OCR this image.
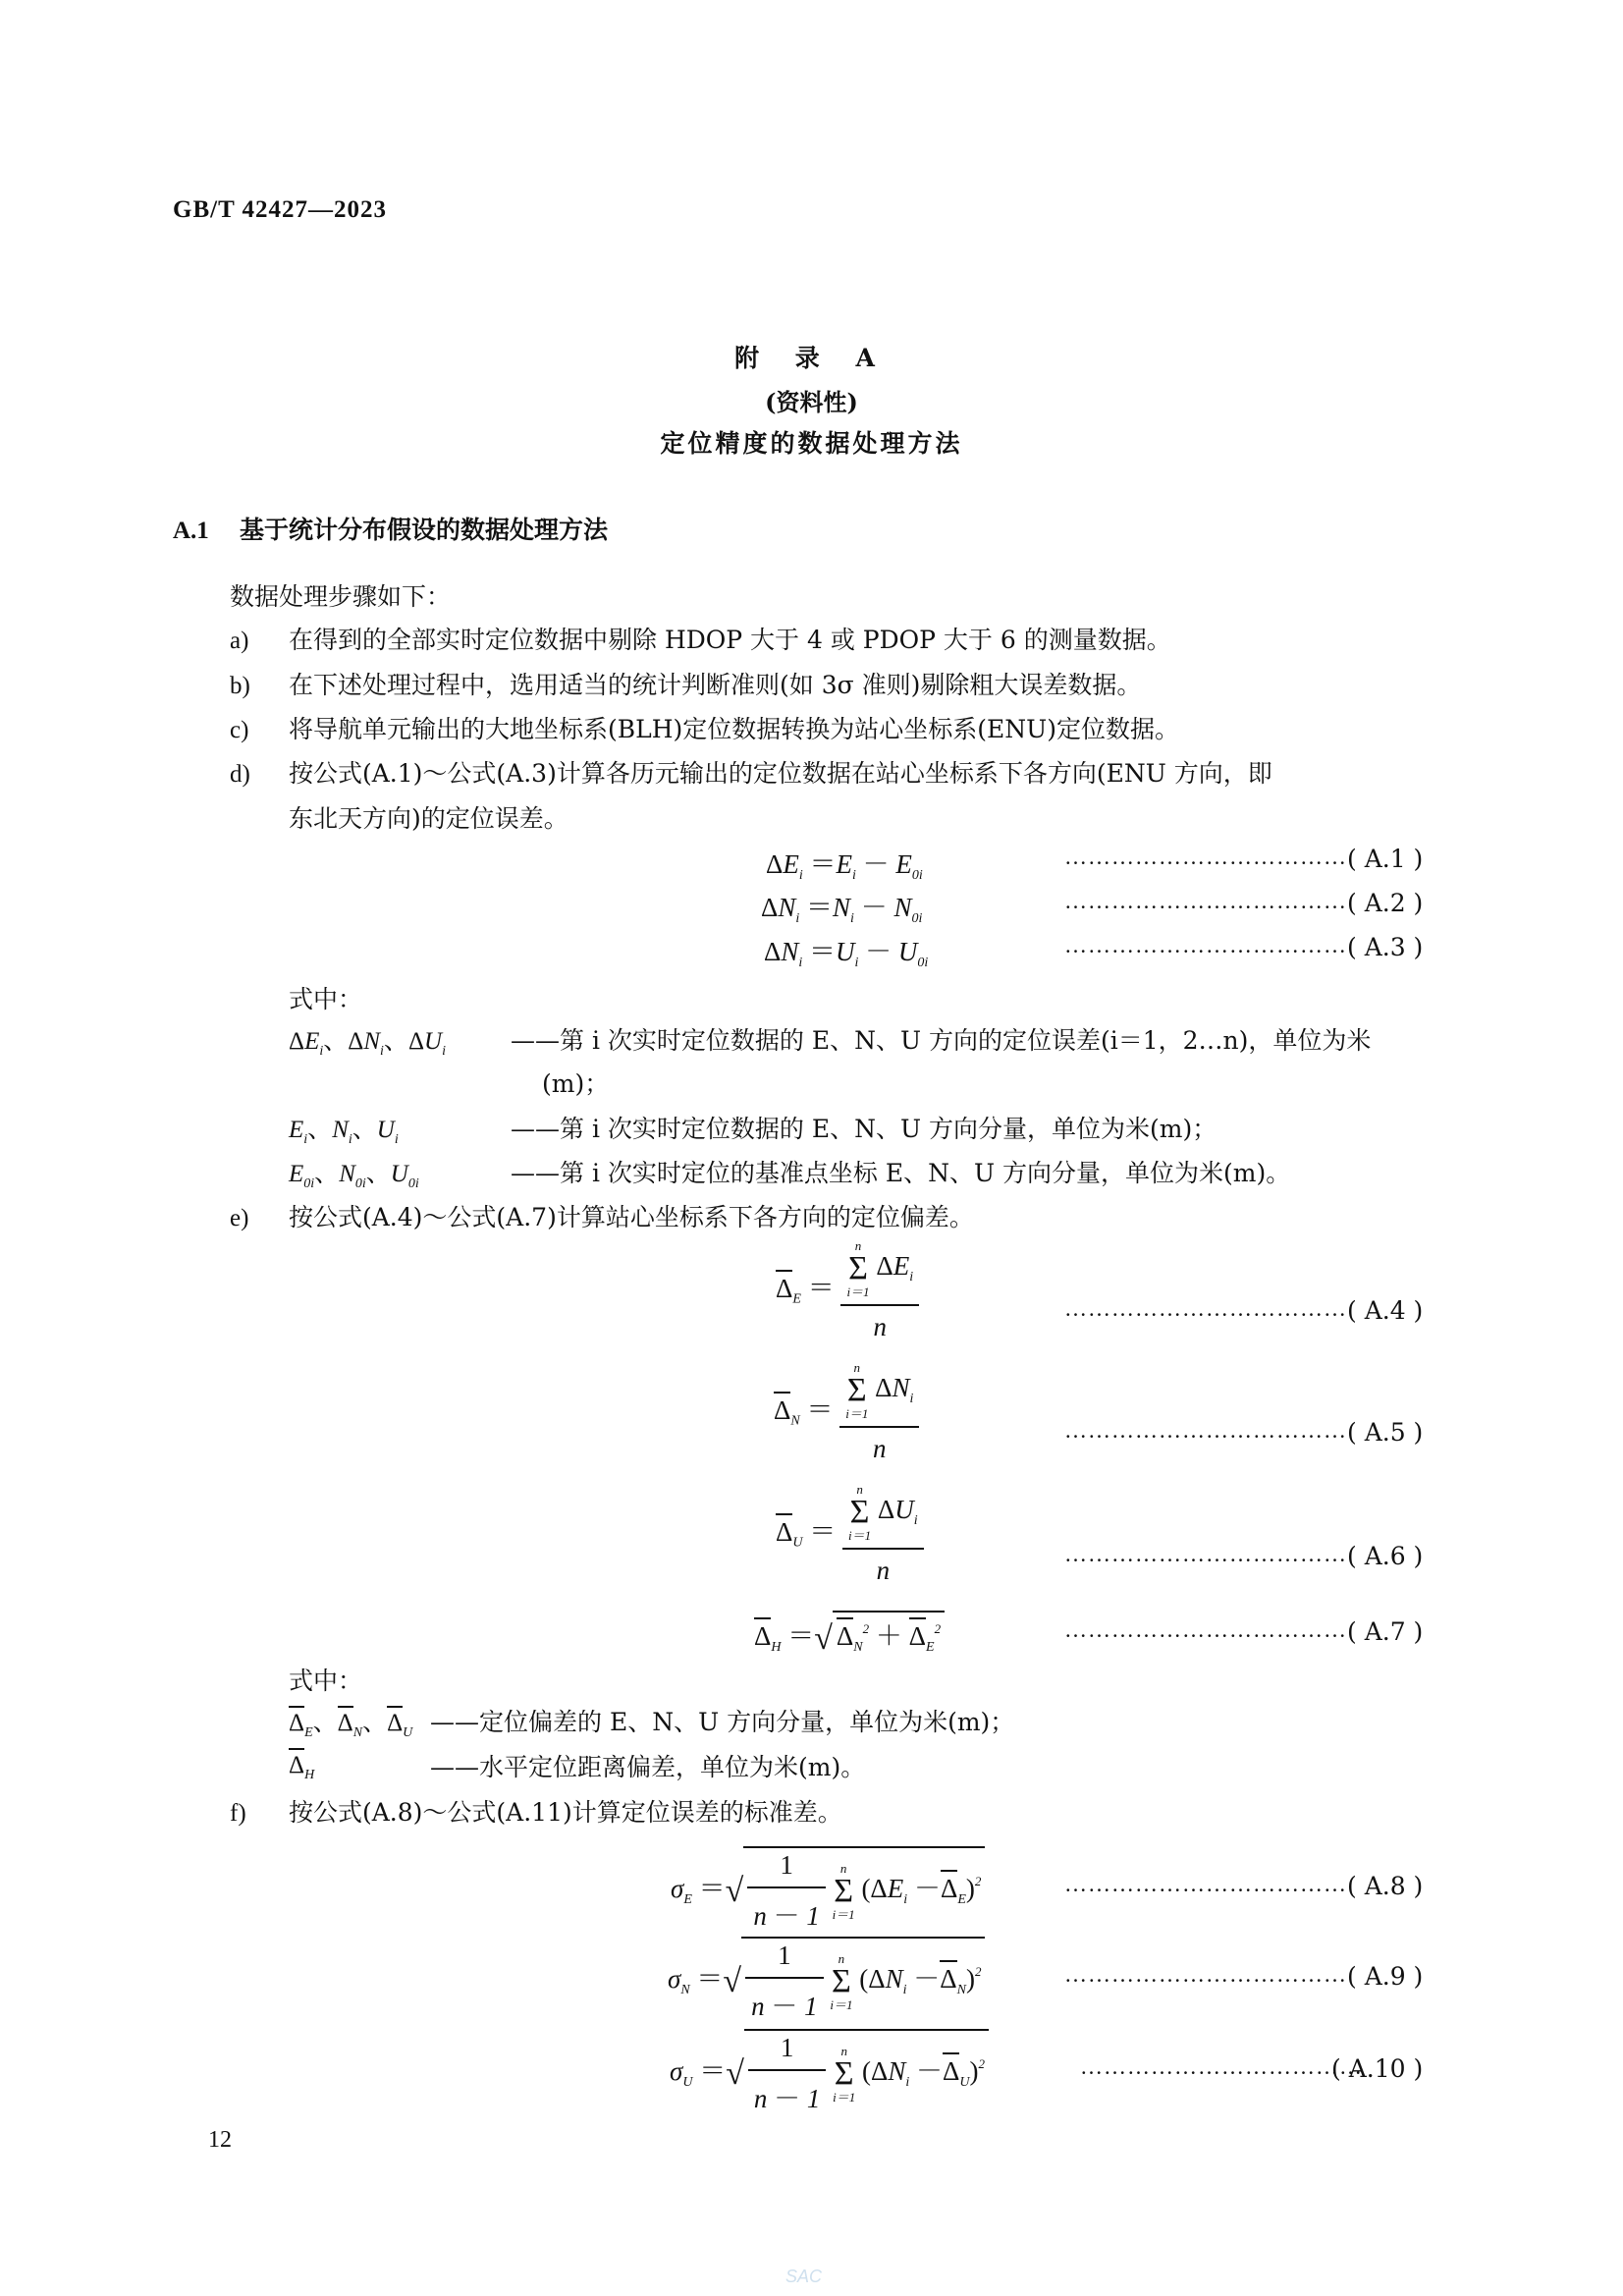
GB/T 42427—2023
附 录 A
(资料性)
定位精度的数据处理方法
A.1 基于统计分布假设的数据处理方法
数据处理步骤如下：
a) 在得到的全部实时定位数据中剔除 HDOP 大于 4 或 PDOP 大于 6 的测量数据。
b) 在下述处理过程中，选用适当的统计判断准则(如 3σ 准则)剔除粗大误差数据。
c) 将导航单元输出的大地坐标系(BLH)定位数据转换为站心坐标系(ENU)定位数据。
d) 按公式(A.1)～公式(A.3)计算各历元输出的定位数据在站心坐标系下各方向(ENU 方向，即
东北天方向)的定位误差。
$\Delta E_i =E_i - E_{0i}$
……………………………… ( A.1 )
$\Delta N_i =N_i - N_{0i}$
……………………………… ( A.2 )
$\Delta N_i =U_i - U_{0i}$
……………………………… ( A.3 )
式中：
$\Delta E_i$、$\Delta N_i$、$\Delta U_i$	——第 i 次实时定位数据的 E、N、U 方向的定位误差(i＝1，2…n)，单位为米
(m)；
$E_i$、$N_i$、$U_i$	——第 i 次实时定位数据的 E、N、U 方向分量，单位为米(m)；
$E_{0i}$、$N_{0i}$、$U_{0i}$	——第 i 次实时定位的基准点坐标 E、N、U 方向分量，单位为米(m)。
e) 按公式(A.4)～公式(A.7)计算站心坐标系下各方向的定位偏差。
$\Delta_E = n$
Σ
i＝1
$\Delta E_i$
n	……………………………… ( A.4 )
$\Delta_N = n$
Σ
i＝1
$\Delta N_i$
n	……………………………… ( A.5 )
$\Delta_U = n$
Σ
i＝1
$\Delta U_i$
n	……………………………… ( A.6 )
$\Delta_H$ ＝√ $\Delta_N^2 + \Delta_E^2$	……………………………… ( A.7 )
式中：
$\Delta_E$、$\Delta_N$、$\Delta_U$ ——定位偏差的 E、N、U 方向分量，单位为米(m)；
$\Delta_H$	——水平定位距离偏差，单位为米(m)。
f) 按公式(A.8)～公式(A.11)计算定位误差的标准差。
$\sigma_E$ ＝√ $\frac{1}{n - 1}$
	n
Σ
i＝1
$(\Delta E_i -\Delta_E)^2$	……………………………… ( A.8 )
$\sigma_N$ ＝√ $\frac{1}{n - 1}$
	n
Σ
i＝1
$(\Delta N_i -\Delta_N)^2$	……………………………… ( A.9 )
$\sigma_U$ ＝√ $\frac{1}{n - 1}$
	n
Σ
i＝1
$(\Delta N_i -\Delta_U)^2$	………………………………
( A.10 )
12
SAC
